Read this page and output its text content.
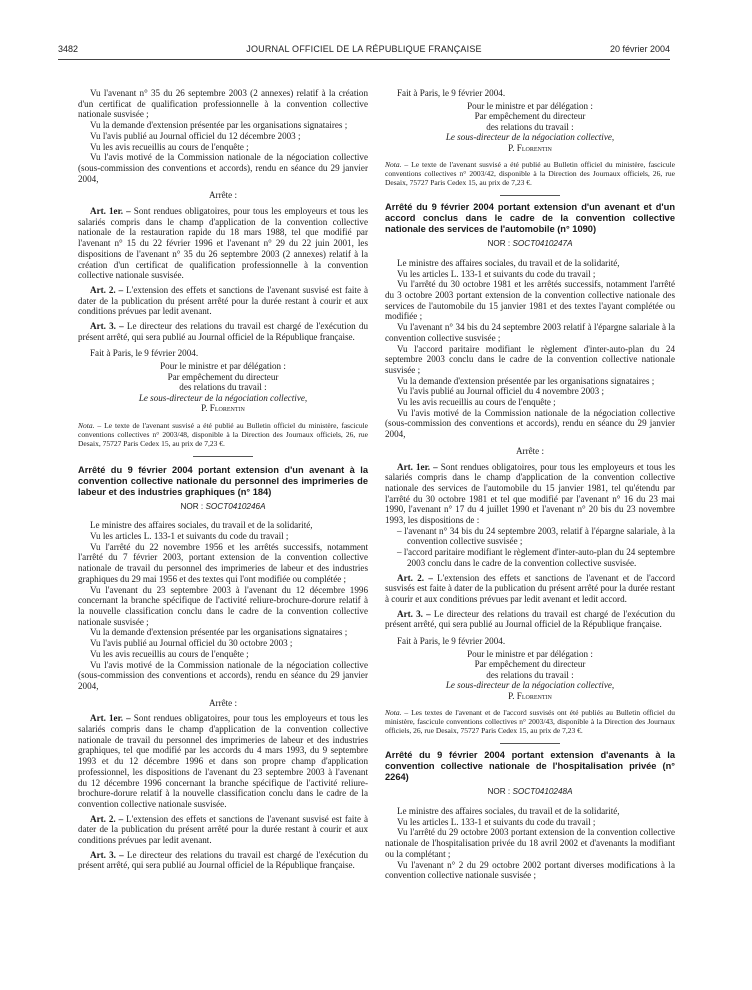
3482	JOURNAL OFFICIEL DE LA RÉPUBLIQUE FRANÇAISE	20 février 2004

Vu l'avenant n° 35 du 26 septembre 2003 (2 annexes) relatif à la création d'un certificat de qualification professionnelle à la convention collective nationale susvisée ;

Vu la demande d'extension présentée par les organisations signataires ;

Vu l'avis publié au Journal officiel du 12 décembre 2003 ;

Vu les avis recueillis au cours de l'enquête ;

Vu l'avis motivé de la Commission nationale de la négociation collective (sous-commission des conventions et accords), rendu en séance du 29 janvier 2004,

Arrête :

Art. 1er. – Sont rendues obligatoires, pour tous les employeurs et tous les salariés compris dans le champ d'application de la convention collective nationale de la restauration rapide du 18 mars 1988, tel que modifié par l'avenant n° 15 du 22 février 1996 et l'avenant n° 29 du 22 juin 2001, les dispositions de l'avenant n° 35 du 26 septembre 2003 (2 annexes) relatif à la création d'un certificat de qualification professionnelle à la convention collective nationale susvisée.

Art. 2. – L'extension des effets et sanctions de l'avenant susvisé est faite à dater de la publication du présent arrêté pour la durée restant à courir et aux conditions prévues par ledit avenant.

Art. 3. – Le directeur des relations du travail est chargé de l'exécution du présent arrêté, qui sera publié au Journal officiel de la République française.

Fait à Paris, le 9 février 2004.

Pour le ministre et par délégation :
Par empêchement du directeur
des relations du travail :
Le sous-directeur de la négociation collective,
P. Florentin
Nota. – Le texte de l'avenant susvisé a été publié au Bulletin officiel du ministère, fascicule conventions collectives n° 2003/48, disponible à la Direction des Journaux officiels, 26, rue Desaix, 75727 Paris Cedex 15, au prix de 7,23 €.
Arrêté du 9 février 2004 portant extension d'un avenant à la convention collective nationale du personnel des imprimeries de labeur et des industries graphiques (n° 184)
NOR : SOCT0410246A

Le ministre des affaires sociales, du travail et de la solidarité,

Vu les articles L. 133-1 et suivants du code du travail ;

Vu l'arrêté du 22 novembre 1956 et les arrêtés successifs, notamment l'arrêté du 7 février 2003, portant extension de la convention collective nationale de travail du personnel des imprimeries de labeur et des industries graphiques du 29 mai 1956 et des textes qui l'ont modifiée ou complétée ;

Vu l'avenant du 23 septembre 2003 à l'avenant du 12 décembre 1996 concernant la branche spécifique de l'activité reliure-brochure-dorure relatif à la nouvelle classification conclu dans le cadre de la convention collective nationale susvisée ;

Vu la demande d'extension présentée par les organisations signataires ;

Vu l'avis publié au Journal officiel du 30 octobre 2003 ;

Vu les avis recueillis au cours de l'enquête ;

Vu l'avis motivé de la Commission nationale de la négociation collective (sous-commission des conventions et accords), rendu en séance du 29 janvier 2004,

Arrête :

Art. 1er. – Sont rendues obligatoires, pour tous les employeurs et tous les salariés compris dans le champ d'application de la convention collective nationale de travail du personnel des imprimeries de labeur et des industries graphiques, tel que modifié par les accords du 4 mars 1993, du 9 septembre 1993 et du 12 décembre 1996 et dans son propre champ d'application professionnel, les dispositions de l'avenant du 23 septembre 2003 à l'avenant du 12 décembre 1996 concernant la branche spécifique de l'activité reliure-brochure-dorure relatif à la nouvelle classification conclu dans le cadre de la convention collective nationale susvisée.

Art. 2. – L'extension des effets et sanctions de l'avenant susvisé est faite à dater de la publication du présent arrêté pour la durée restant à courir et aux conditions prévues par ledit avenant.

Art. 3. – Le directeur des relations du travail est chargé de l'exécution du présent arrêté, qui sera publié au Journal officiel de la République française.

Fait à Paris, le 9 février 2004.

Pour le ministre et par délégation :
Par empêchement du directeur
des relations du travail :
Le sous-directeur de la négociation collective,
P. Florentin
Nota. – Le texte de l'avenant susvisé a été publié au Bulletin officiel du ministère, fascicule conventions collectives n° 2003/42, disponible à la Direction des Journaux officiels, 26, rue Desaix, 75727 Paris Cedex 15, au prix de 7,23 €.
Arrêté du 9 février 2004 portant extension d'un avenant et d'un accord conclus dans le cadre de la convention collective nationale des services de l'automobile (n° 1090)
NOR : SOCT0410247A

Le ministre des affaires sociales, du travail et de la solidarité,

Vu les articles L. 133-1 et suivants du code du travail ;

Vu l'arrêté du 30 octobre 1981 et les arrêtés successifs, notamment l'arrêté du 3 octobre 2003 portant extension de la convention collective nationale des services de l'automobile du 15 janvier 1981 et des textes l'ayant complétée ou modifiée ;

Vu l'avenant n° 34 bis du 24 septembre 2003 relatif à l'épargne salariale à la convention collective susvisée ;

Vu l'accord paritaire modifiant le règlement d'inter-auto-plan du 24 septembre 2003 conclu dans le cadre de la convention collective nationale susvisée ;

Vu la demande d'extension présentée par les organisations signataires ;

Vu l'avis publié au Journal officiel du 4 novembre 2003 ;

Vu les avis recueillis au cours de l'enquête ;

Vu l'avis motivé de la Commission nationale de la négociation collective (sous-commission des conventions et accords), rendu en séance du 29 janvier 2004,

Arrête :

Art. 1er. – Sont rendues obligatoires, pour tous les employeurs et tous les salariés compris dans le champ d'application de la convention collective nationale des services de l'automobile du 15 janvier 1981, tel qu'étendu par l'arrêté du 30 octobre 1981 et tel que modifié par l'avenant n° 16 du 23 mai 1990, l'avenant n° 17 du 4 juillet 1990 et l'avenant n° 20 bis du 23 novembre 1993, les dispositions de :

– l'avenant n° 34 bis du 24 septembre 2003, relatif à l'épargne salariale, à la convention collective susvisée ;

– l'accord paritaire modifiant le règlement d'inter-auto-plan du 24 septembre 2003 conclu dans le cadre de la convention collective susvisée.

Art. 2. – L'extension des effets et sanctions de l'avenant et de l'accord susvisés est faite à dater de la publication du présent arrêté pour la durée restant à courir et aux conditions prévues par ledit avenant et ledit accord.

Art. 3. – Le directeur des relations du travail est chargé de l'exécution du présent arrêté, qui sera publié au Journal officiel de la République française.

Fait à Paris, le 9 février 2004.

Pour le ministre et par délégation :
Par empêchement du directeur
des relations du travail :
Le sous-directeur de la négociation collective,
P. Florentin
Nota. – Les textes de l'avenant et de l'accord susvisés ont été publiés au Bulletin officiel du ministère, fascicule conventions collectives n° 2003/43, disponible à la Direction des Journaux officiels, 26, rue Desaix, 75727 Paris Cedex 15, au prix de 7,23 €.
Arrêté du 9 février 2004 portant extension d'avenants à la convention collective nationale de l'hospitalisation privée (n° 2264)
NOR : SOCT0410248A

Le ministre des affaires sociales, du travail et de la solidarité,

Vu les articles L. 133-1 et suivants du code du travail ;

Vu l'arrêté du 29 octobre 2003 portant extension de la convention collective nationale de l'hospitalisation privée du 18 avril 2002 et d'avenants la modifiant ou la complétant ;

Vu l'avenant n° 2 du 29 octobre 2002 portant diverses modifications à la convention collective nationale susvisée ;
